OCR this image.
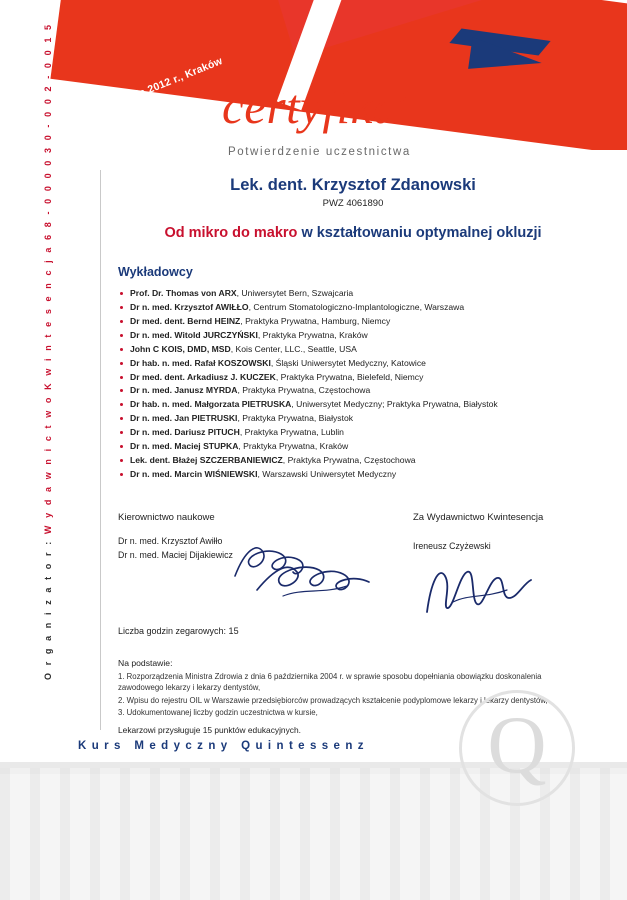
25-26 maja 2012 r., Kraków
certyfikat
Potwierdzenie uczestnictwa
O r g a n i z a t o r : W y d a w n i c t w o K w i n t e s e n c j a 6 8 - 0 0 0 0 3 0 - 0 0 2 - 0 0 1 5	Lek. dent. Krzysztof Zdanowski
PWZ 4061890
Od mikro do makro w kształtowaniu optymalnej okluzji
Wykładowcy
Prof. Dr. Thomas von ARX, Uniwersytet Bern, Szwajcaria
Dr n. med. Krzysztof AWIŁŁO, Centrum Stomatologiczno-Implantologiczne, Warszawa
Dr med. dent. Bernd HEINZ, Praktyka Prywatna, Hamburg, Niemcy
Dr n. med. Witold JURCZYŃSKI, Praktyka Prywatna, Kraków
John C KOIS, DMD, MSD, Kois Center, LLC., Seattle, USA
Dr hab. n. med. Rafał KOSZOWSKI, Śląski Uniwersytet Medyczny, Katowice
Dr med. dent. Arkadiusz J. KUCZEK, Praktyka Prywatna, Bielefeld, Niemcy
Dr n. med. Janusz MYRDA, Praktyka Prywatna, Częstochowa
Dr hab. n. med. Małgorzata PIETRUSKA, Uniwersytet Medyczny; Praktyka Prywatna, Białystok
Dr n. med. Jan PIETRUSKI, Praktyka Prywatna, Białystok
Dr n. med. Dariusz PITUCH, Praktyka Prywatna, Lublin
Dr n. med. Maciej STUPKA, Praktyka Prywatna, Kraków
Lek. dent. Błażej SZCZERBANIEWICZ, Praktyka Prywatna, Częstochowa
Dr n. med. Marcin WIŚNIEWSKI, Warszawski Uniwersytet Medyczny
Kierownictwo naukowe
Dr n. med. Krzysztof Awiłło
Dr n. med. Maciej Dijakiewicz
Za Wydawnictwo Kwintesencja
Ireneusz Czyżewski
Liczba godzin zegarowych: 15
Na podstawie:
1. Rozporządzenia Ministra Zdrowia z dnia 6 października 2004 r. w sprawie sposobu dopełniania obowiązku doskonalenia zawodowego lekarzy i lekarzy dentystów,
2. Wpisu do rejestru OIL w Warszawie przedsiębiorców prowadzących kształcenie podyplomowe lekarzy i lekarzy dentystów,
3. Udokumentowanej liczby godzin uczestnictwa w kursie,
Lekarzowi przysługuje 15 punktów edukacyjnych.	Q
Kurs Medyczny Quintessenz
